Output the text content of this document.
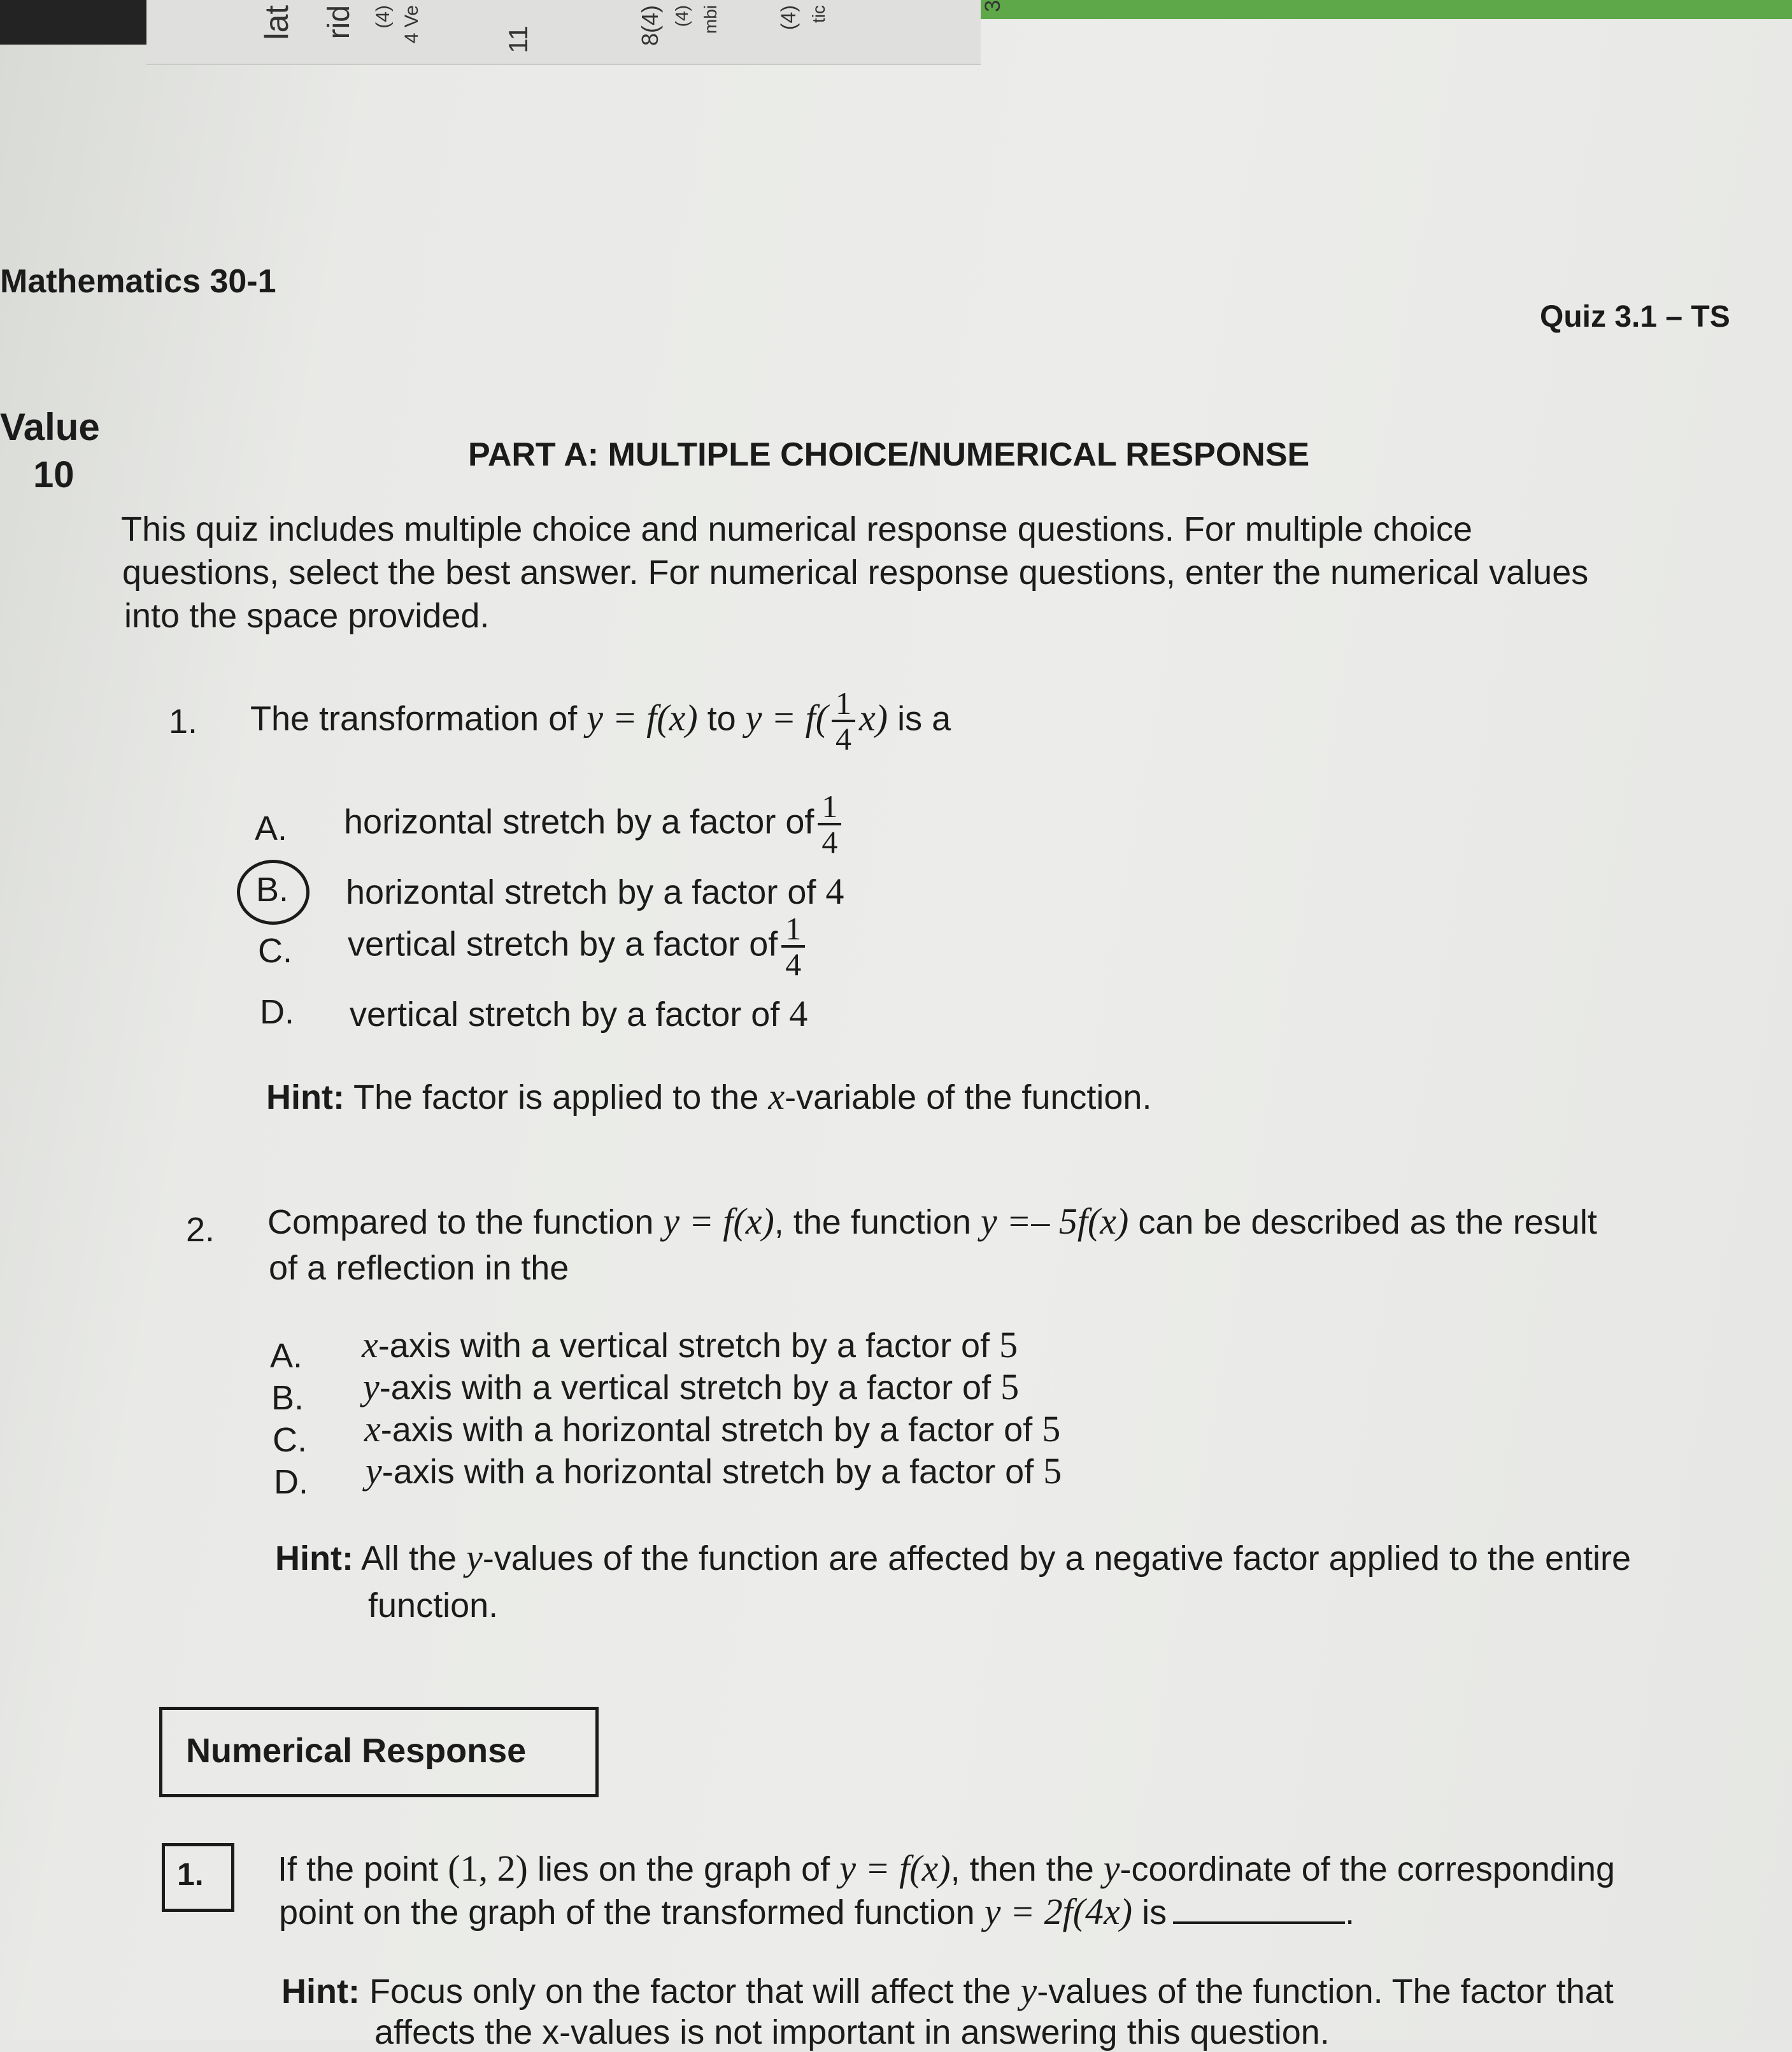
lat rid (4) 4 Ve	11	8(4) (4) mbi	(4) tic	3
Mathematics 30-1
Quiz 3.1 – TS
Value
10	PART A: MULTIPLE CHOICE/NUMERICAL RESPONSE
This quiz includes multiple choice and numerical response questions. For multiple choice
questions, select the best answer. For numerical response questions, enter the numerical values
into the space provided.
1. The transformation of y = f(x) to $y = f( \frac{1}{4} x)$ is a
A. horizontal stretch by a factor of $\frac{1}{4}$
B. horizontal stretch by a factor of 4
C. vertical stretch by a factor of $\frac{1}{4}$
D. vertical stretch by a factor of 4
Hint: The factor is applied to the x-variable of the function.
2. Compared to the function y = f(x), the function y =– 5f(x) can be described as the result
of a reflection in the
A. x-axis with a vertical stretch by a factor of 5
B. y-axis with a vertical stretch by a factor of 5
C. x-axis with a horizontal stretch by a factor of 5
D. y-axis with a horizontal stretch by a factor of 5
Hint: All the y-values of the function are affected by a negative factor applied to the entire
function.
Numerical Response
1. If the point (1, 2) lies on the graph of y = f(x), then the y-coordinate of the corresponding
point on the graph of the transformed function y = 2f(4x) is	.
Hint: Focus only on the factor that will affect the y-values of the function. The factor that
affects the x-values is not important in answering this question.
